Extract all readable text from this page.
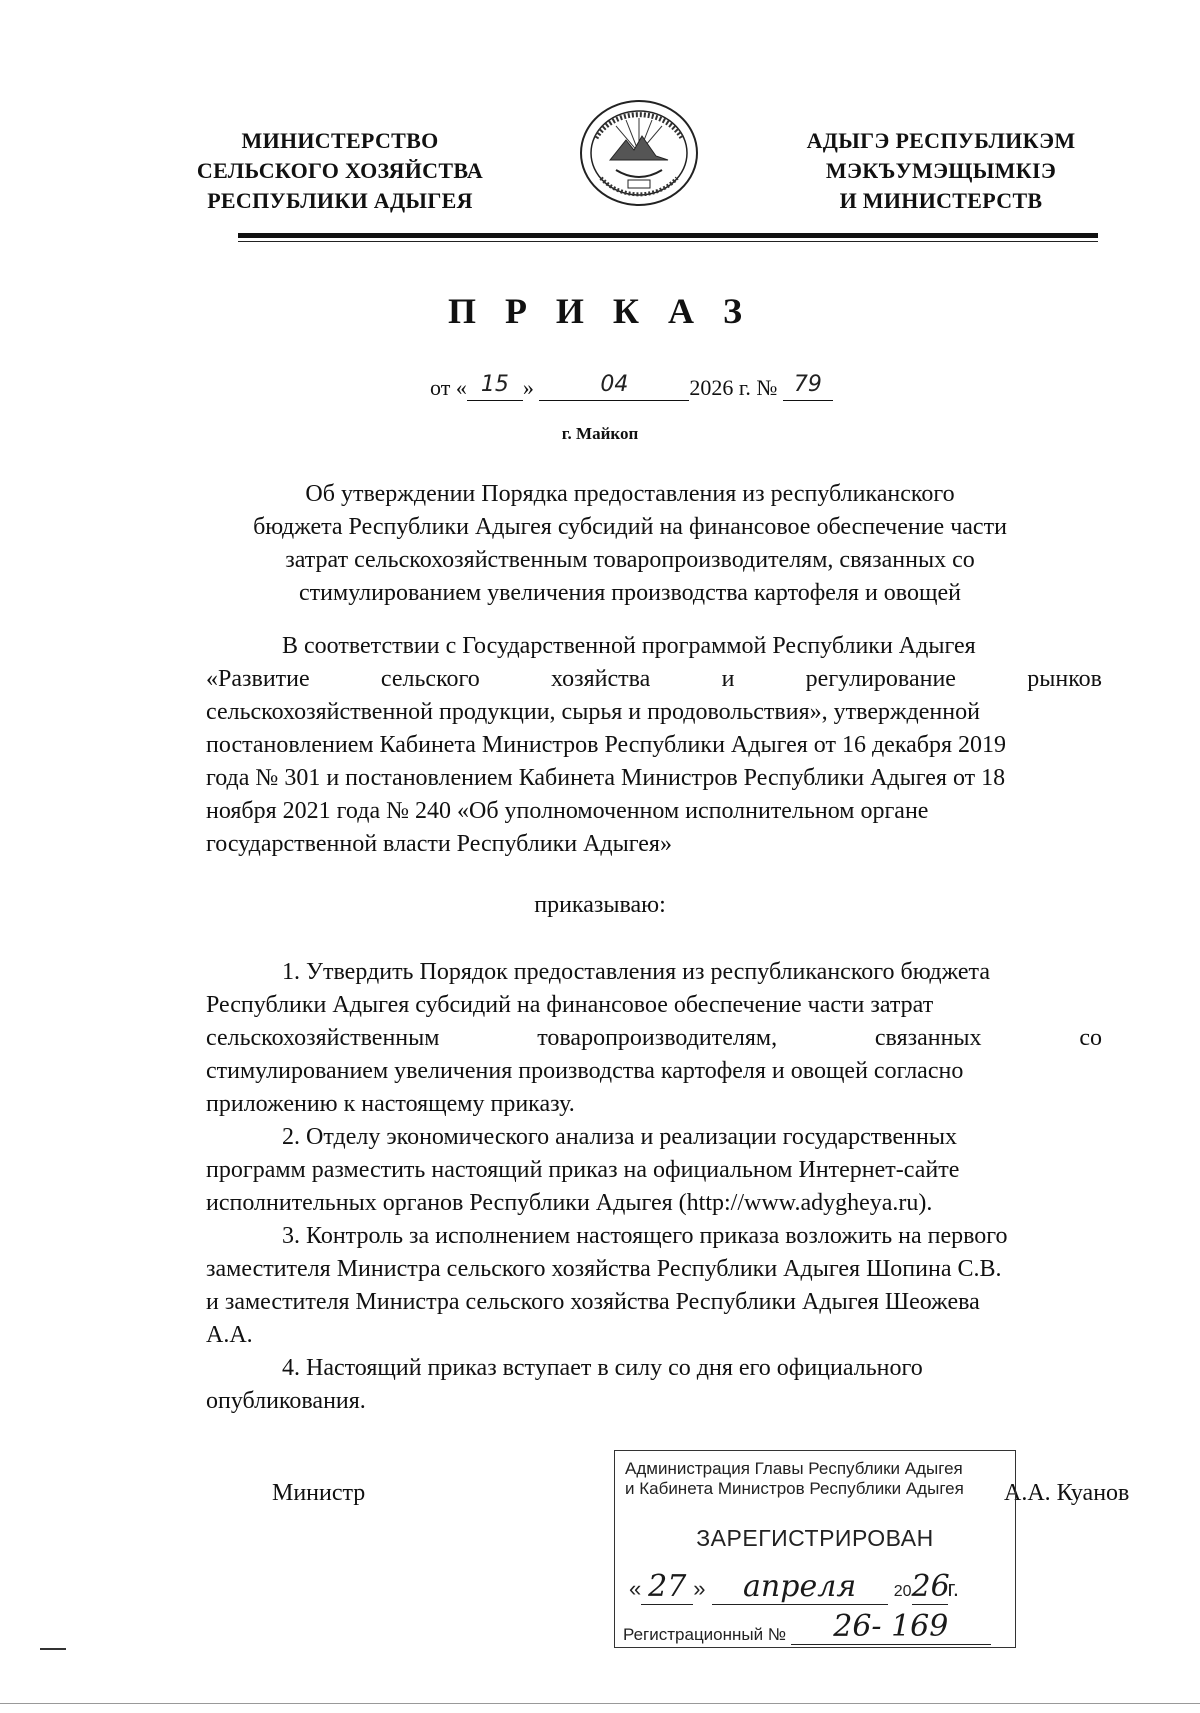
МИНИСТЕРСТВО
СЕЛЬСКОГО ХОЗЯЙСТВА
РЕСПУБЛИКИ АДЫГЕЯ
АДЫГЭ РЕСПУБЛИКЭМ
МЭКЪУМЭЩЫМКIЭ
И МИНИСТЕРСТВ
П Р И К А З
от « 15 »	04	2026 г. № 79
г. Майкоп
Об утверждении Порядка предоставления из республиканского
бюджета Республики Адыгея субсидий на финансовое обеспечение части
затрат сельскохозяйственным товаропроизводителям, связанных со
стимулированием увеличения производства картофеля и овощей
В соответствии с Государственной программой Республики Адыгея
«Развитие	сельского	хозяйства	и	регулирование	рынков
сельскохозяйственной продукции, сырья и продовольствия», утвержденной
постановлением Кабинета Министров Республики Адыгея от 16 декабря 2019
года № 301 и постановлением Кабинета Министров Республики Адыгея от 18
ноября 2021 года № 240 «Об уполномоченном исполнительном органе
государственной власти Республики Адыгея»
приказываю:
1. Утвердить Порядок предоставления из республиканского бюджета
Республики Адыгея субсидий на финансовое обеспечение части затрат
сельскохозяйственным	товаропроизводителям,	связанных	со
стимулированием увеличения производства картофеля и овощей согласно
приложению к настоящему приказу.
2. Отделу экономического анализа и реализации государственных
программ разместить настоящий приказ на официальном Интернет-сайте
исполнительных органов Республики Адыгея (http://www.adygheya.ru).
3. Контроль за исполнением настоящего приказа возложить на первого
заместителя Министра сельского хозяйства Республики Адыгея Шопина С.В.
и заместителя Министра сельского хозяйства Республики Адыгея Шеожева
А.А.
4. Настоящий приказ вступает в силу со дня его официального
опубликования.
Министр	А.А. Куанов
Администрация Главы Республики Адыгея
и Кабинета Министров Республики Адыгея
ЗАРЕГИСТРИРОВАН
« 27 » апреля 2026г.
Регистрационный № 26- 169
